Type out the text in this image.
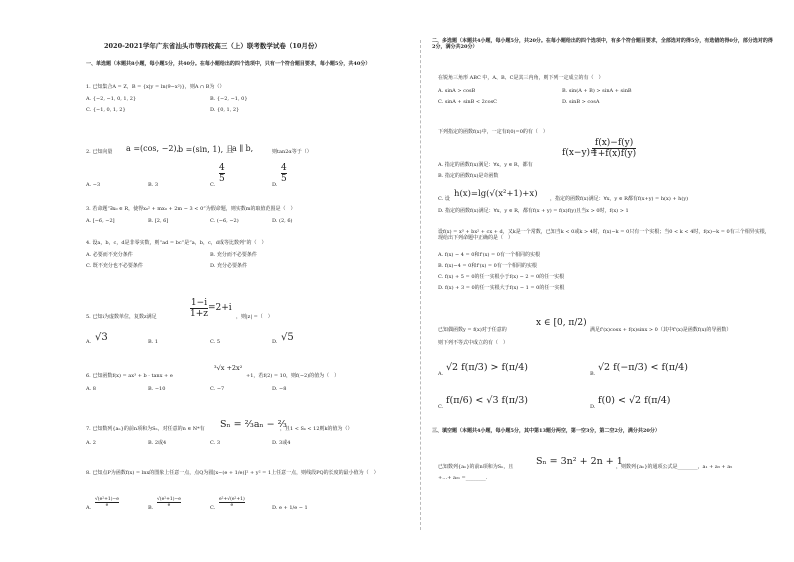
2020-2021学年广东省汕头市等四校高三（上）联考数学试卷（10月份）
一、单选题（本题共8小题，每小题5分，共40分。在每小题给出的四个选项中，只有一个符合题目要求，每小题5分，共40分）
1. 已知集合A = Z，B = {x|y = ln(9−x²)}，则A ∩ B为（）
A. {−2, −1, 0, 1, 2}	B. {−2, −1, 0}
C. {−1, 0, 1, 2}	D. {0, 1, 2}
2. 已知向量 a =(cos, −2),
b =(sin, 1), 且
a ∥ b,	则tan2α等于（）
A. −3	B. 3	C.
4
5
D.
4
5
3. 若命题“∃x₀ ∈ R，使得x₀² + mx₀ + 2m − 3 < 0”为假命题，则实数m的取值范围是（　）
A. [−6, −2]	B. [2, 6]	C. (−6, −2)	D. (2, 6)
4. 设a，b，c，d是非零实数，则“ad = bc”是“a，b，c，d成等比数列”的（　）
A. 必要而不充分条件	B. 充分而不必要条件
C. 既不充分也不必要条件	D. 充分必要条件
5. 已知i为虚数单位，复数z满足
1−i
1+z
=2+i
，则|z| =（　）
A. √3	B. 1	C. 5	D. √5
6. 已知函数f(x) = ax³ + b · tanx + e
³√x +2x²
+1，若f(2) = 10，则f(−2)的值为（　）
A. 8	B. −10	C. −7	D. −8
7. 已知数列{aₙ}的前n项和为Sₙ，对任意的n ∈ N*有 Sₙ = ⅔aₙ − ⅔
，且1 < Sₖ < 12则k的值为（）
A. 2	B. 2或4	C. 3	D. 3或4
8. 已知点P为函数f(x) = lnx的图象上任意一点，点Q为圆[x−(e + 1/e)]² + y² = 1上任意一点，则线段PQ的长度的最小值为（　）
A.
√(e²+1)−e
e	B.
√(e²+1)−e
e	C.
e²+√(e²+1)
e	D. e + 1/e − 1
二、多选题（本题共4小题，每小题5分，共20分。在每小题给出的四个选项中，有多个符合题目要求，全部选对的得5分，有选错的得0分，部分选对的得2分，满分共20分）
在锐角三角形 ABC 中，A、B、C是其三内角，则下列一定成立的有（　）
A. sinA > cosB	B. sin(A + B) > sinA + sinB
C. sinA + sinB < 2cosC	D. sinB > cosA
下列指定的函数f(x)中，一定有f(0)=0的有（　）
f(x−y)=
f(x)−f(y)
1+f(x)f(y)
A. 指定的函数f(x)满足：∀x，y ∈ R，都有
B. 指定的函数f(x)是奇函数
C. 设 h(x)=lg(√(x²+1)+x) ，指定的函数f(x)满足：∀x，y ∈ R都有f(x+y) = h(x) + h(y)
D. 指定的函数f(x)满足：∀x，y ∈ R，都有f(x + y) = f(x)f(y)且当x > 0时，f(x) > 1
设f(x) = x³ + bx² + cx + d，又k是一个常数，已知当k < 0或k > 4时，f(x)−k = 0只有一个实根；当0 < k < 4时，f(x)−k = 0有三个相异实根，现给出下列命题中正确的是（　）
A. f(x) − 4 = 0和f'(x) = 0有一个相同的实根
B. f(x)−4 = 0和f'(x) = 0有一个相同的实根
C. f(x) + 5 = 0的任一实根小于f(x) − 2 = 0的任一实根
D. f(x) + 3 = 0的任一实根大于f(x) − 1 = 0的任一实根
已知偶函数y = f(x)对于任意的
x ∈ [0, π/2)
满足f'(x)cosx + f(x)sinx > 0（其中f'(x)是函数f(x)的导函数）
则下列不等式中成立的有（　）
A.
√2 f(π/3) > f(π/4)
B.
√2 f(−π/3) < f(π/4)
C.
f(π/6) < √3 f(π/3)
D.
f(0) < √2 f(π/4)
三、填空题（本题共4小题，每小题5分，其中第13题分两空，第一空3分，第二空2分，满分共20分）
已知数列{aₙ}的前n项和为Sₙ，且 Sₙ = 3n² + 2n + 1
，则数列{aₙ}的通项公式是________，a₁ + a₃ + a₅
+…+ a₂₁ =________.
